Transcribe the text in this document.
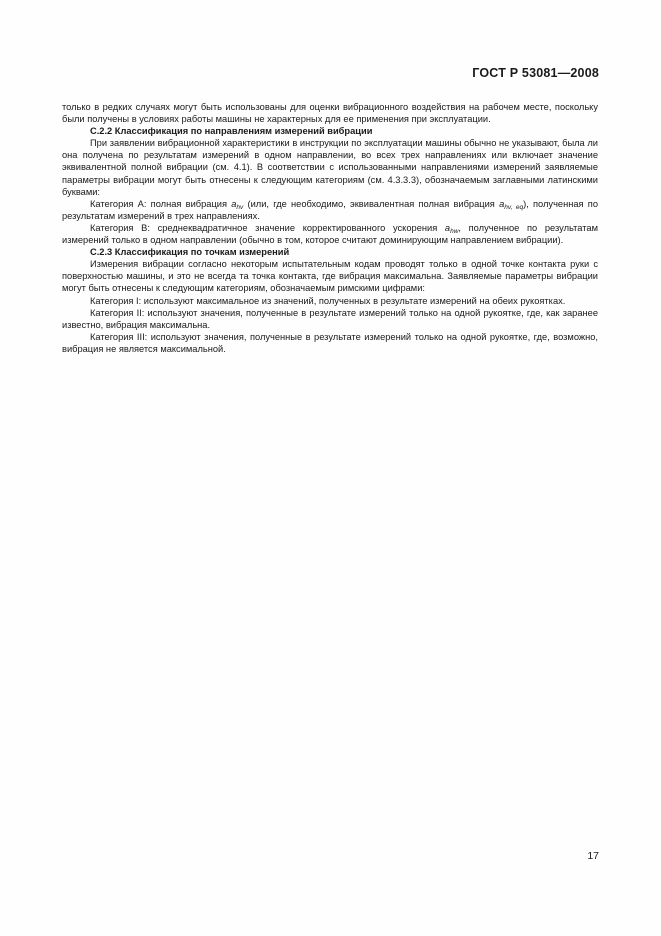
ГОСТ Р 53081—2008

только в редких случаях могут быть использованы для оценки вибрационного воздействия на рабочем месте, поскольку были получены в условиях работы машины не характерных для ее применения при эксплуатации.

С.2.2 Классификация по направлениям измерений вибрации

При заявлении вибрационной характеристики в инструкции по эксплуатации машины обычно не указывают, была ли она получена по результатам измерений в одном направлении, во всех трех направлениях или включает значение эквивалентной полной вибрации (см. 4.1). В соответствии с использованными направлениями измерений заявляемые параметры вибрации могут быть отнесены к следующим категориям (см. 4.3.3.3), обозначаемым заглавными латинскими буквами:

Категория А: полная вибрация $a_{hv}$ (или, где необходимо, эквивалентная полная вибрация $a_{hv, eq}$), полученная по результатам измерений в трех направлениях.

Категория В: среднеквадратичное значение корректированного ускорения $a_{hw}$, полученное по результатам измерений только в одном направлении (обычно в том, которое считают доминирующим направлением вибрации).

С.2.3 Классификация по точкам измерений

Измерения вибрации согласно некоторым испытательным кодам проводят только в одной точке контакта руки с поверхностью машины, и это не всегда та точка контакта, где вибрация максимальна. Заявляемые параметры вибрации могут быть отнесены к следующим категориям, обозначаемым римскими цифрами:

Категория I: используют максимальное из значений, полученных в результате измерений на обеих рукоятках.

Категория II: используют значения, полученные в результате измерений только на одной рукоятке, где, как заранее известно, вибрация максимальна.

Категория III: используют значения, полученные в результате измерений только на одной рукоятке, где, возможно, вибрация не является максимальной.

17
